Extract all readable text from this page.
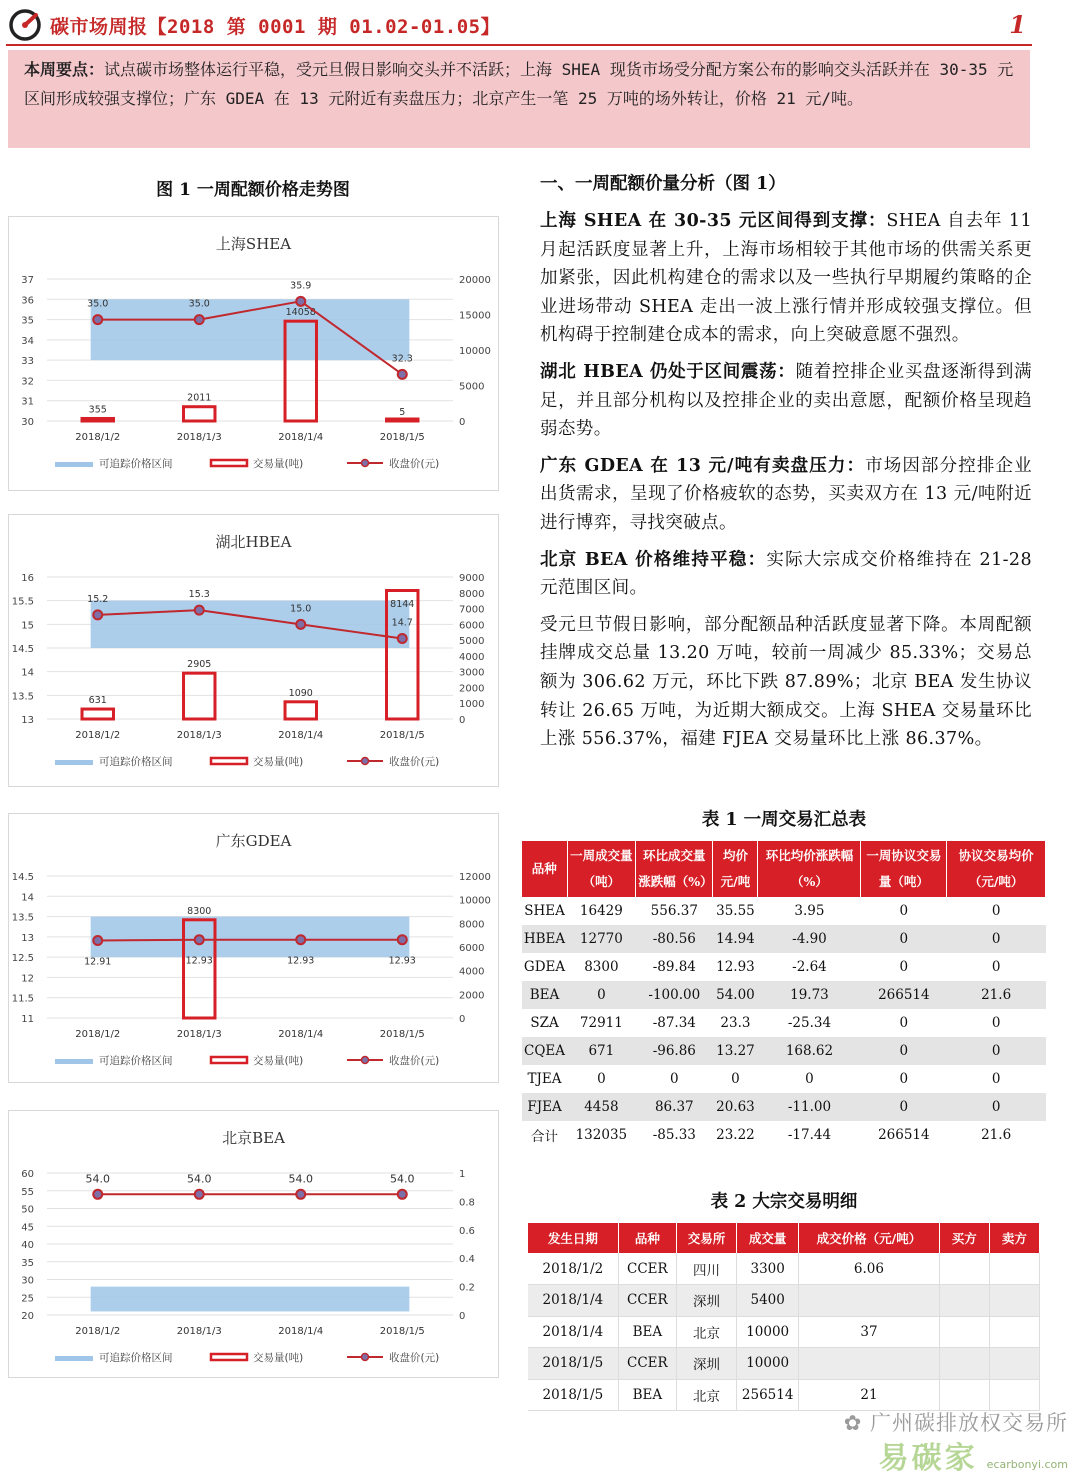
碳市场周报【2018 第 0001 期 01.02-01.05】	1
本周要点：试点碳市场整体运行平稳，受元旦假日影响交头并不活跃；上海 SHEA 现货市场受分配方案公布的影响交头活跃并在 30-35 元区间形成较强支撑位；广东 GDEA 在 13 元附近有卖盘压力；北京产生一笔 25 万吨的场外转让，价格 21 元/吨。
图 1 一周配额价格走势图
上海SHEA
37
36
35
34
33
32
31
30
20000
15000
10000
5000
0
355
2011
14058
5
35.0	35.0
35.9
32.3
2018/1/2	2018/1/3	2018/1/4	2018/1/5
可追踪价格区间	交易量(吨)	收盘价(元)
湖北HBEA
16
15.5
15
14.5
14
13.5
13
9000
8000
7000
6000
5000
4000
3000
2000
1000
0
631
2905
1090
8144
15.2	15.3
15.0
14.7
2018/1/2	2018/1/3	2018/1/4	2018/1/5
可追踪价格区间	交易量(吨)	收盘价(元)
广东GDEA
14.5
14
13.5
13
12.5
12
11.5
11
12000
10000
8000
6000
4000
2000
0
8300
12.91	12.93	12.93	12.93
2018/1/2	2018/1/3	2018/1/4	2018/1/5
可追踪价格区间	交易量(吨)	收盘价(元)
北京BEA
60
55
50
45
40
35
30
25
20
1
0.8
0.6
0.4
0.2
0
54.0	54.0	54.0	54.0
2018/1/2	2018/1/3	2018/1/4	2018/1/5
可追踪价格区间	交易量(吨)	收盘价(元)
一、一周配额价量分析（图 1）
上海 SHEA 在 30-35 元区间得到支撑：SHEA 自去年 11 月起活跃度显著上升，上海市场相较于其他市场的供需关系更加紧张，因此机构建仓的需求以及一些执行早期履约策略的企业进场带动 SHEA 走出一波上涨行情并形成较强支撑位。但机构碍于控制建仓成本的需求，向上突破意愿不强烈。
湖北 HBEA 仍处于区间震荡：随着控排企业买盘逐渐得到满足，并且部分机构以及控排企业的卖出意愿，配额价格呈现趋弱态势。
广东 GDEA 在 13 元/吨有卖盘压力：市场因部分控排企业出货需求，呈现了价格疲软的态势，买卖双方在 13 元/吨附近进行博弈，寻找突破点。
北京 BEA 价格维持平稳：实际大宗成交价格维持在 21-28 元范围区间。
受元旦节假日影响，部分配额品种活跃度显著下降。本周配额挂牌成交总量 13.20 万吨，较前一周减少 85.33%；交易总额为 306.62 万元，环比下跌 87.89%；北京 BEA 发生协议转让 26.65 万吨，为近期大额成交。上海 SHEA 交易量环比上涨 556.37%，福建 FJEA 交易量环比上涨 86.37%。
表 1 一周交易汇总表
品种	一周成交量（吨）	环比成交量涨跌幅（%）	均价元/吨	环比均价涨跌幅（%）	一周协议交易量（吨）	协议交易均价（元/吨）
SHEA	16429	556.37	35.55	3.95	0	0
HBEA	12770	-80.56	14.94	-4.90	0	0
GDEA	8300	-89.84	12.93	-2.64	0	0
BEA	0	-100.00	54.00	19.73	266514	21.6
SZA	72911	-87.34	23.3	-25.34	0	0
CQEA	671	-96.86	13.27	168.62	0	0
TJEA	0	0	0	0	0	0
FJEA	4458	86.37	20.63	-11.00	0	0
合计	132035	-85.33	23.22	-17.44	266514	21.6
表 2 大宗交易明细
发生日期	品种	交易所	成交量	成交价格（元/吨）	买方	卖方
2018/1/2	CCER	四川	3300	6.06		
2018/1/4	CCER	深圳	5400			
2018/1/4	BEA	北京	10000	37		
2018/1/5	CCER	深圳	10000			
2018/1/5	BEA	北京	256514	21		
✿ 广州碳排放权交易所
易碳家 ecarbonyi.com
